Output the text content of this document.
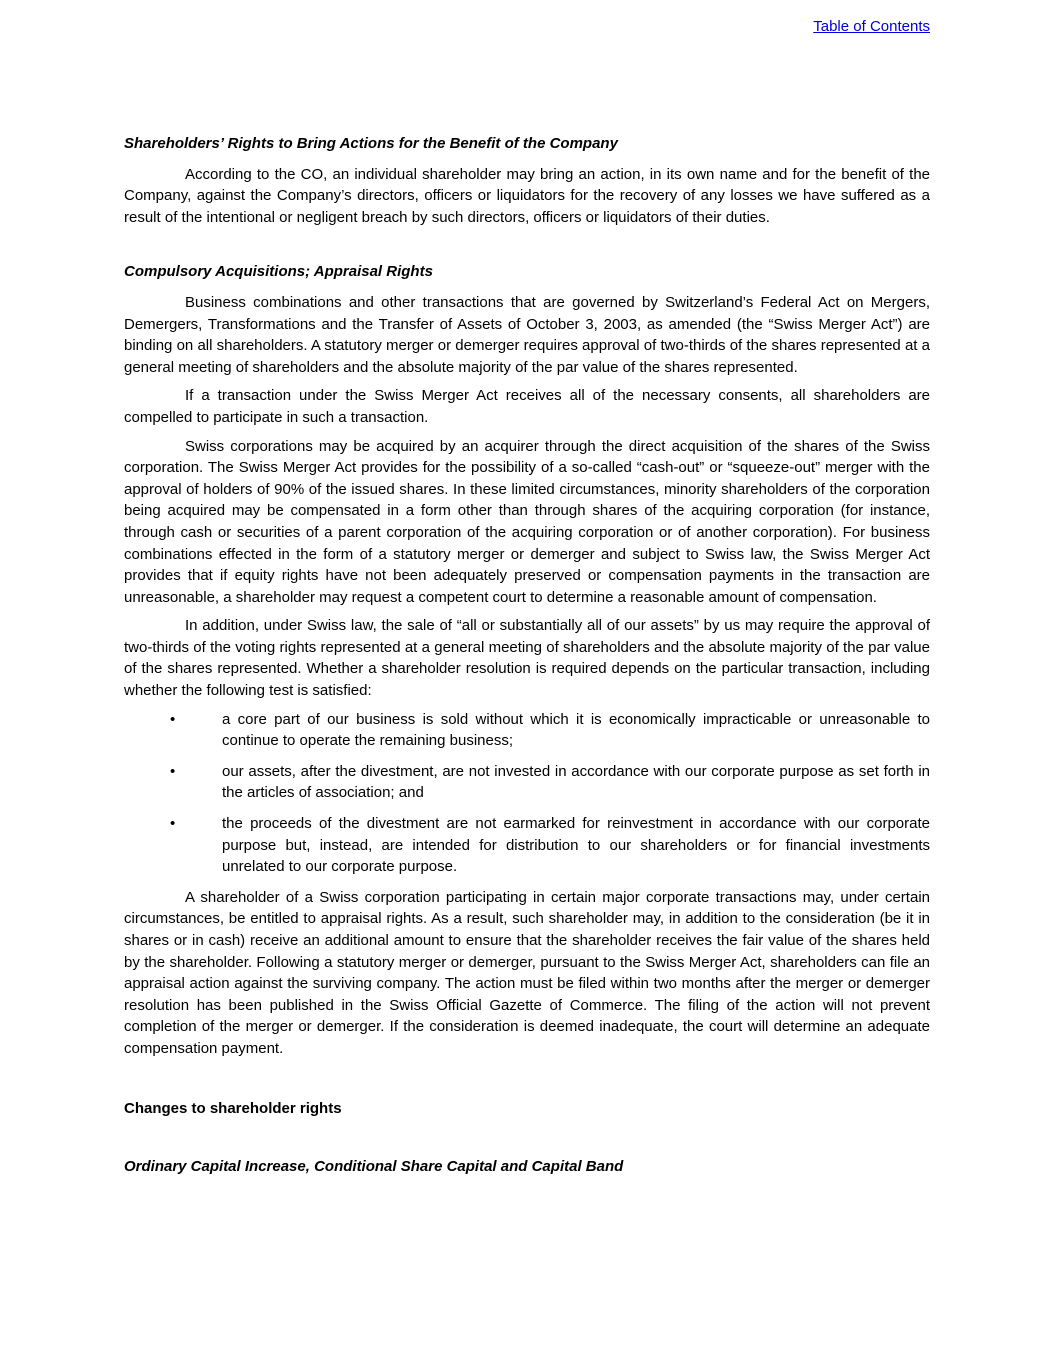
Table of Contents
Shareholders’ Rights to Bring Actions for the Benefit of the Company

According to the CO, an individual shareholder may bring an action, in its own name and for the benefit of the Company, against the Company’s directors, officers or liquidators for the recovery of any losses we have suffered as a result of the intentional or negligent breach by such directors, officers or liquidators of their duties.

Compulsory Acquisitions; Appraisal Rights

Business combinations and other transactions that are governed by Switzerland’s Federal Act on Mergers, Demergers, Transformations and the Transfer of Assets of October 3, 2003, as amended (the “Swiss Merger Act”) are binding on all shareholders. A statutory merger or demerger requires approval of two-thirds of the shares represented at a general meeting of shareholders and the absolute majority of the par value of the shares represented.

If a transaction under the Swiss Merger Act receives all of the necessary consents, all shareholders are compelled to participate in such a transaction.

Swiss corporations may be acquired by an acquirer through the direct acquisition of the shares of the Swiss corporation. The Swiss Merger Act provides for the possibility of a so-called “cash-out” or “squeeze-out” merger with the approval of holders of 90% of the issued shares. In these limited circumstances, minority shareholders of the corporation being acquired may be compensated in a form other than through shares of the acquiring corporation (for instance, through cash or securities of a parent corporation of the acquiring corporation or of another corporation). For business combinations effected in the form of a statutory merger or demerger and subject to Swiss law, the Swiss Merger Act provides that if equity rights have not been adequately preserved or compensation payments in the transaction are unreasonable, a shareholder may request a competent court to determine a reasonable amount of compensation.

In addition, under Swiss law, the sale of “all or substantially all of our assets” by us may require the approval of two-thirds of the voting rights represented at a general meeting of shareholders and the absolute majority of the par value of the shares represented. Whether a shareholder resolution is required depends on the particular transaction, including whether the following test is satisfied:

•	a core part of our business is sold without which it is economically impracticable or unreasonable to continue to operate the remaining business;
•	our assets, after the divestment, are not invested in accordance with our corporate purpose as set forth in the articles of association; and
•	the proceeds of the divestment are not earmarked for reinvestment in accordance with our corporate purpose but, instead, are intended for distribution to our shareholders or for financial investments unrelated to our corporate purpose.

A shareholder of a Swiss corporation participating in certain major corporate transactions may, under certain circumstances, be entitled to appraisal rights. As a result, such shareholder may, in addition to the consideration (be it in shares or in cash) receive an additional amount to ensure that the shareholder receives the fair value of the shares held by the shareholder. Following a statutory merger or demerger, pursuant to the Swiss Merger Act, shareholders can file an appraisal action against the surviving company. The action must be filed within two months after the merger or demerger resolution has been published in the Swiss Official Gazette of Commerce. The filing of the action will not prevent completion of the merger or demerger. If the consideration is deemed inadequate, the court will determine an adequate compensation payment.

Changes to shareholder rights
Ordinary Capital Increase, Conditional Share Capital and Capital Band
